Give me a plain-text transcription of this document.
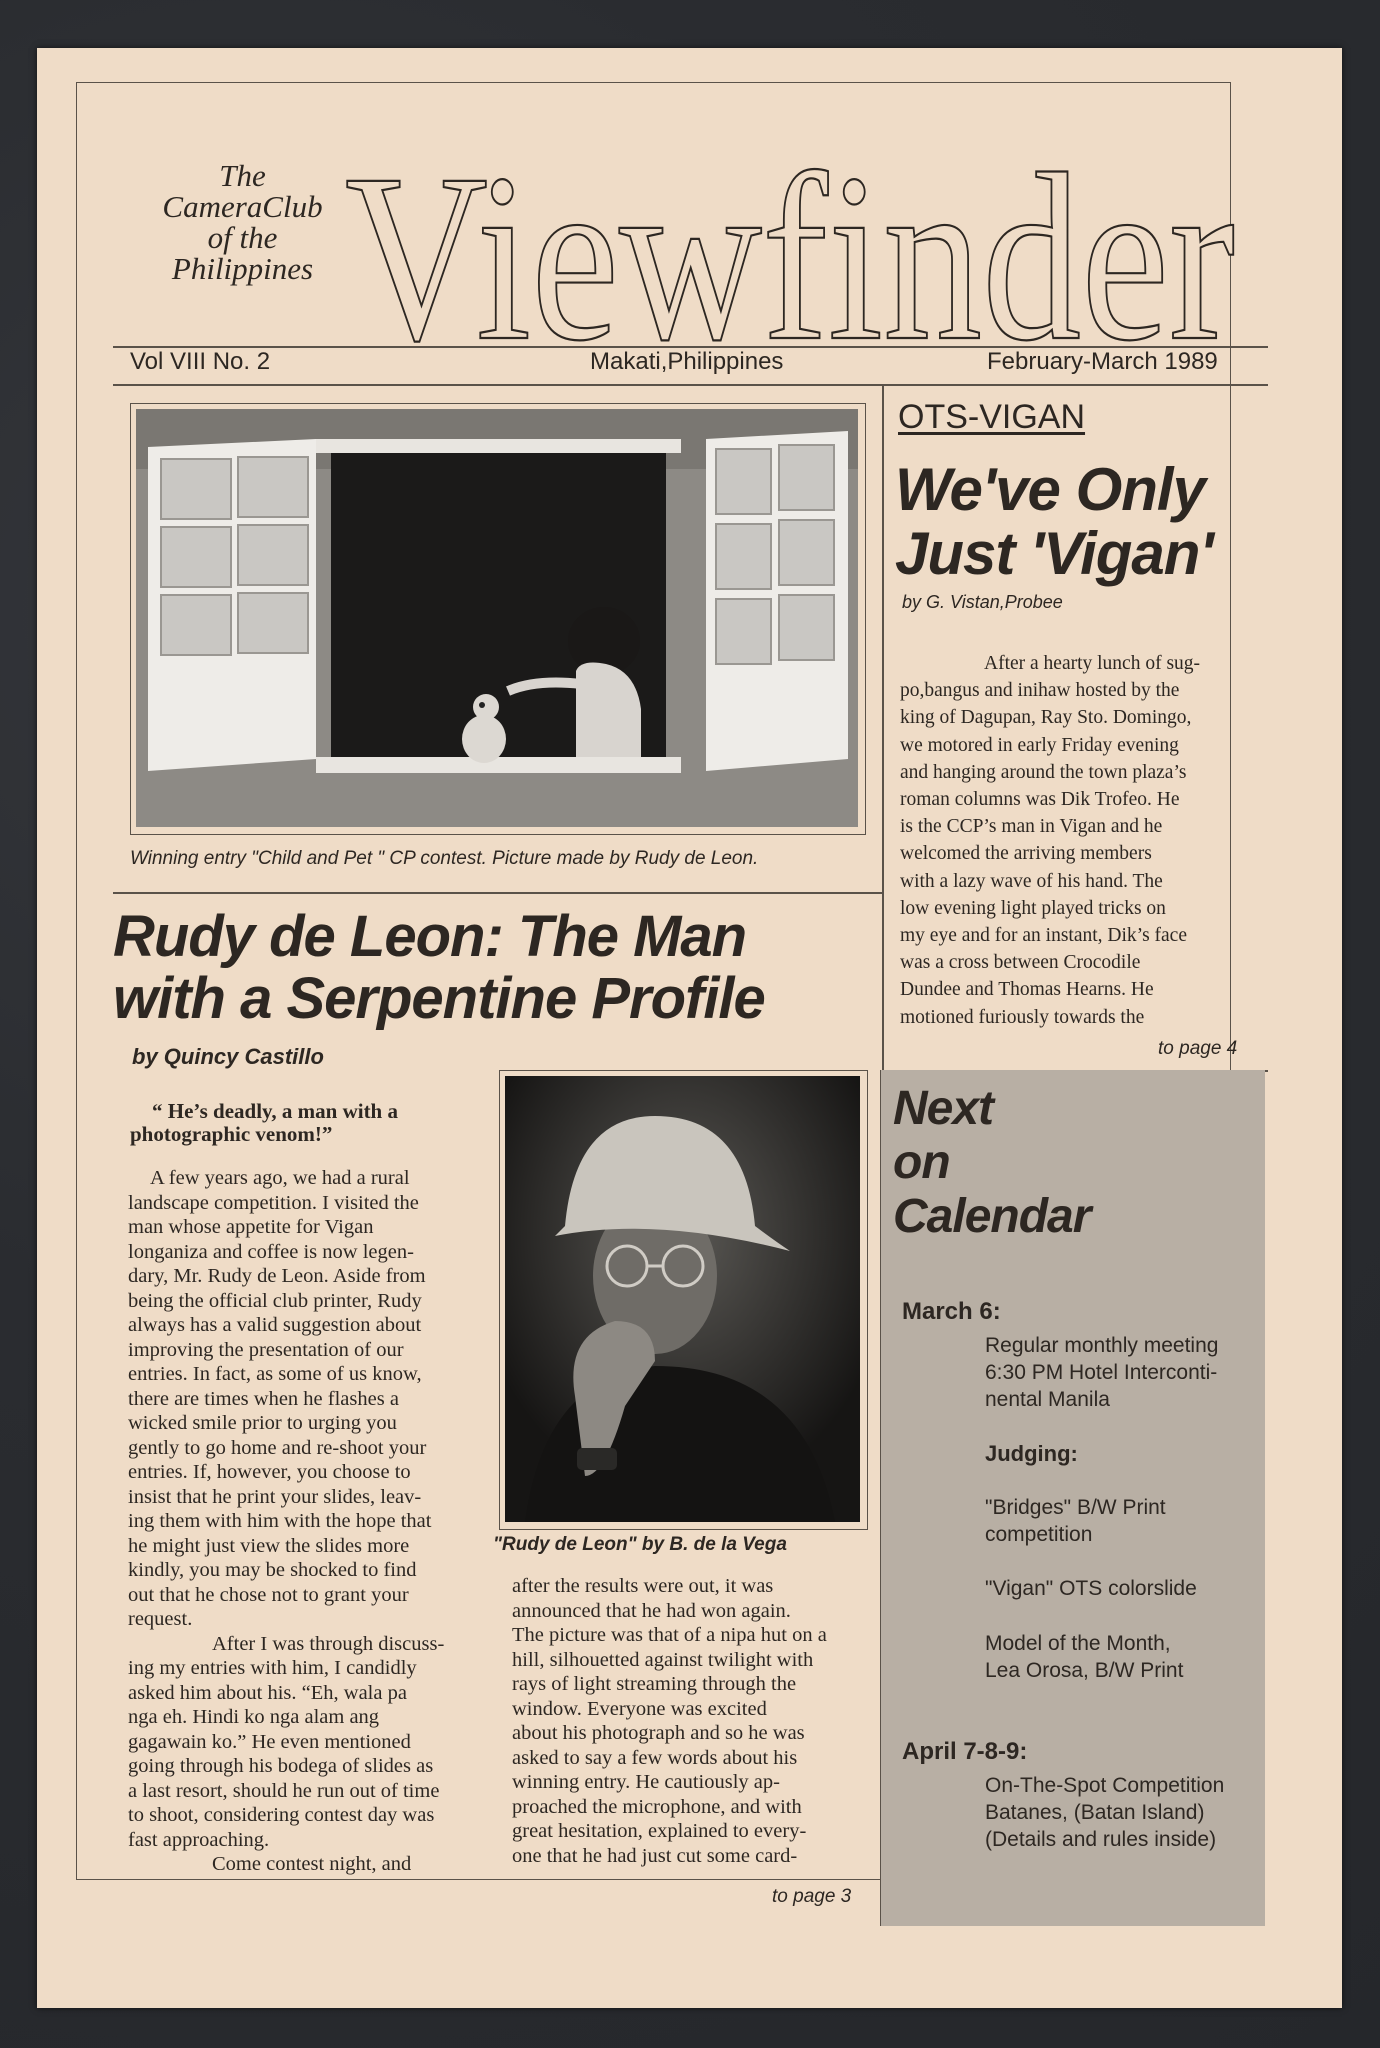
The
CameraClub
of the
Philippines Viewfinder
Vol VIII No. 2	Makati,Philippines	February-March 1989
Winning entry "Child and Pet " CP contest. Picture made by Rudy de Leon.
Rudy de Leon: The Man
with a Serpentine Profile
by Quincy Castillo
“ He’s deadly, a man with a
photographic venom!”
A few years ago, we had a rural
landscape competition. I visited the
man whose appetite for Vigan
longaniza and coffee is now legen-
dary, Mr. Rudy de Leon. Aside from
being the official club printer, Rudy
always has a valid suggestion about
improving the presentation of our
entries. In fact, as some of us know,
there are times when he flashes a
wicked smile prior to urging you
gently to go home and re-shoot your
entries. If, however, you choose to
insist that he print your slides, leav-
ing them with him with the hope that
he might just view the slides more
kindly, you may be shocked to find
out that he chose not to grant your
request.
After I was through discuss-
ing my entries with him, I candidly
asked him about his. “Eh, wala pa
nga eh. Hindi ko nga alam ang
gagawain ko.” He even mentioned
going through his bodega of slides as
a last resort, should he run out of time
to shoot, considering contest day was
fast approaching.
Come contest night, and
"Rudy de Leon" by B. de la Vega
after the results were out, it was
announced that he had won again.
The picture was that of a nipa hut on a
hill, silhouetted against twilight with
rays of light streaming through the
window. Everyone was excited
about his photograph and so he was
asked to say a few words about his
winning entry. He cautiously ap-
proached the microphone, and with
great hesitation, explained to every-
one that he had just cut some card-
to page 3
OTS-VIGAN
We've Only
Just 'Vigan'
by G. Vistan,Probee
After a hearty lunch of sug-
po,bangus and inihaw hosted by the
king of Dagupan, Ray Sto. Domingo,
we motored in early Friday evening
and hanging around the town plaza’s
roman columns was Dik Trofeo. He
is the CCP’s man in Vigan and he
welcomed the arriving members
with a lazy wave of his hand. The
low evening light played tricks on
my eye and for an instant, Dik’s face
was a cross between Crocodile
Dundee and Thomas Hearns. He
motioned furiously towards the
to page 4
Next
on
Calendar
March 6:
Regular monthly meeting
6:30 PM Hotel Interconti-
nental Manila
Judging:
"Bridges" B/W Print
competition
"Vigan" OTS colorslide
Model of the Month,
Lea Orosa, B/W Print
April 7-8-9:
On-The-Spot Competition
Batanes, (Batan Island)
(Details and rules inside)
